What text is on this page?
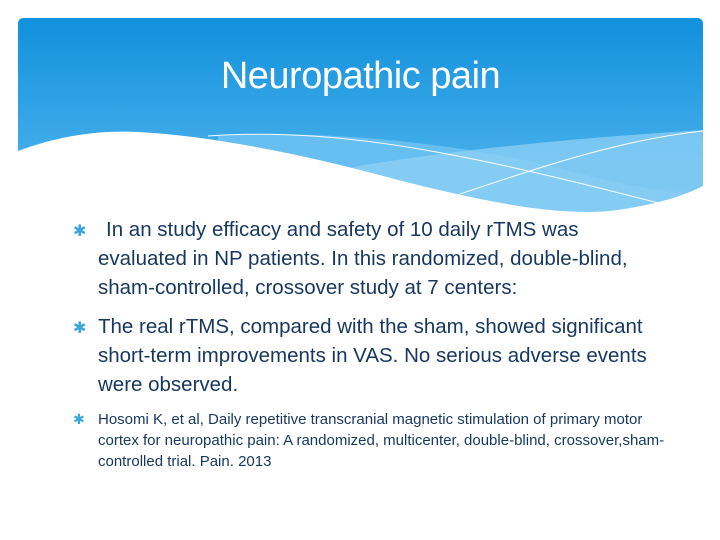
Neuropathic pain
✱ In an study efficacy and safety of 10 daily rTMS was evaluated in NP patients. In this randomized, double-blind, sham-controlled, crossover study at 7 centers:
✱ The real rTMS, compared with the sham, showed significant short-term improvements in VAS. No serious adverse events were observed.
✱ Hosomi K, et al, Daily repetitive transcranial magnetic stimulation of primary motor cortex for neuropathic pain: A randomized, multicenter, double-blind, crossover,sham-controlled trial. Pain. 2013
